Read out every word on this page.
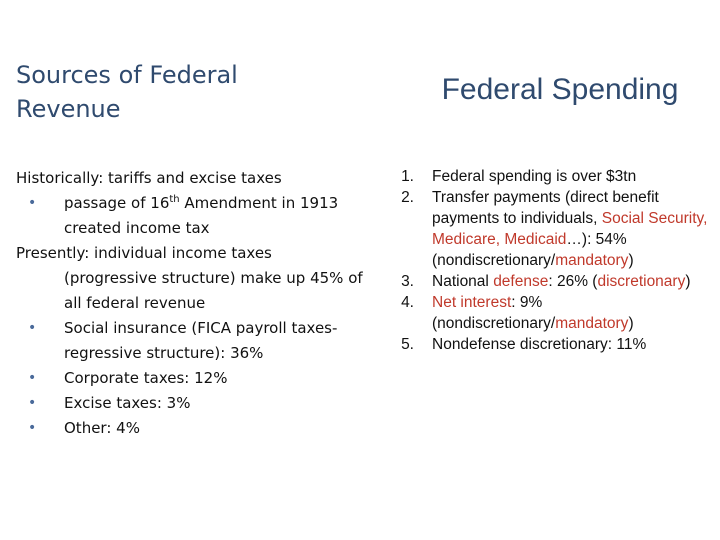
Sources of Federal
Revenue
Federal Spending
Historically: tariffs and excise taxes
• passage of 16th Amendment in 1913
created income tax
Presently: individual income taxes
(progressive structure) make up 45% of
all federal revenue
• Social insurance (FICA payroll taxes-
regressive structure): 36%
• Corporate taxes: 12%
• Excise taxes: 3%
• Other: 4%
1. Federal spending is over $3tn
2. Transfer payments (direct benefit payments to individuals, Social Security, Medicare, Medicaid…): 54% (nondiscretionary/mandatory)
3. National defense: 26% (discretionary)
4. Net interest: 9% (nondiscretionary/mandatory)
5. Nondefense discretionary: 11%
